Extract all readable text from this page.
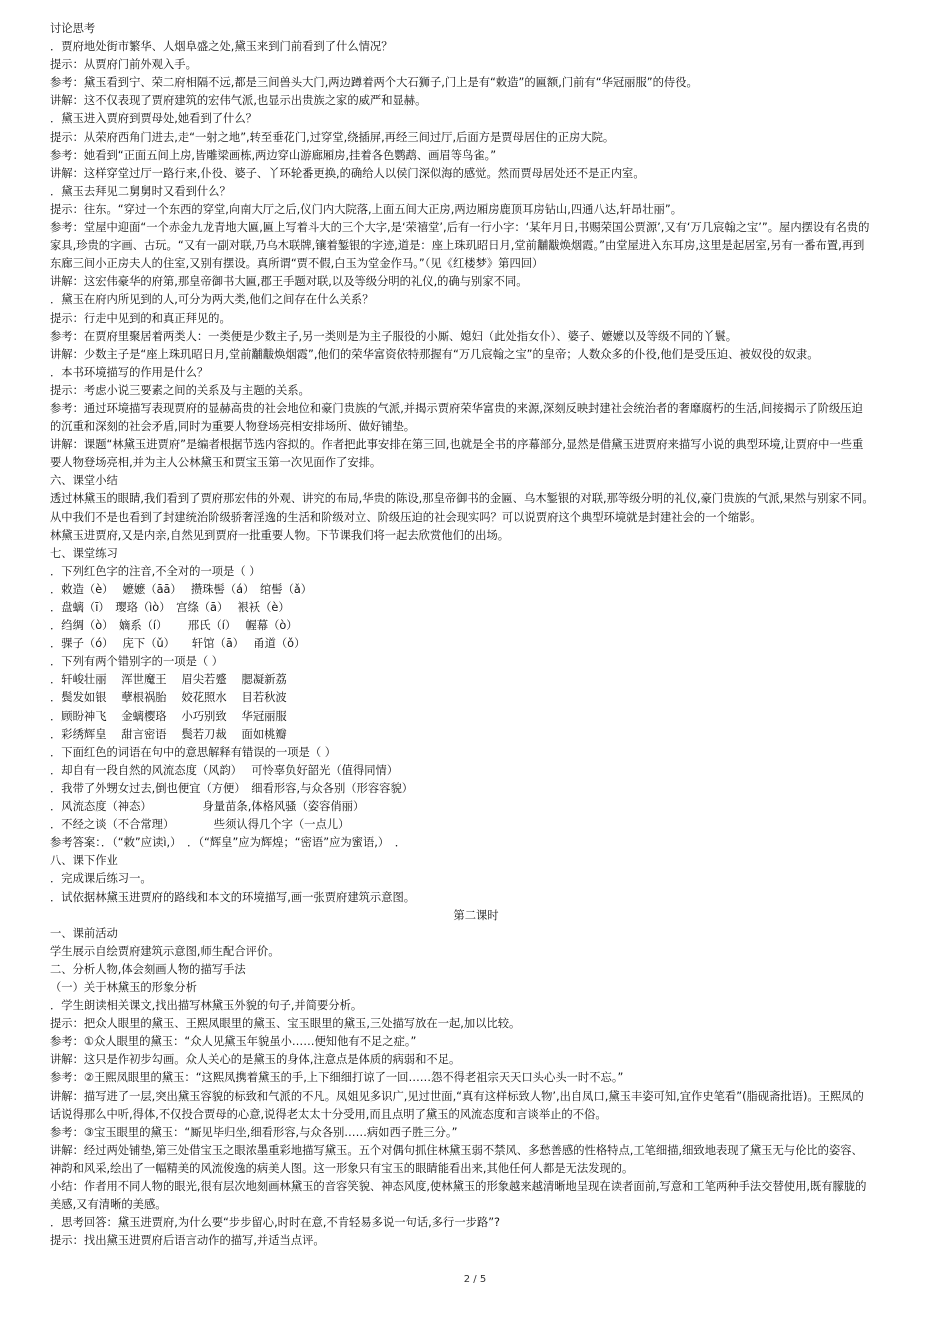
讨论思考
．贾府地处街市繁华、人烟阜盛之处,黛玉来到门前看到了什么情况？
提示：从贾府门前外观入手。
参考：黛玉看到宁、荣二府相隔不远,都是三间兽头大门,两边蹲着两个大石狮子,门上是有“敕造”的匾额,门前有“华冠丽服”的侍役。
讲解：这不仅表现了贾府建筑的宏伟气派,也显示出贵族之家的威严和显赫。
．黛玉进入贾府到贾母处,她看到了什么？
提示：从荣府西角门进去,走“一射之地”,转至垂花门,过穿堂,绕插屏,再经三间过厅,后面方是贾母居住的正房大院。
参考：她看到“正面五间上房,皆雕梁画栋,两边穿山游廊厢房,挂着各色鹦鹉、画眉等鸟雀。”
讲解：这样穿堂过厅一路行来,仆役、婆子、丫环轮番更换,的确给人以侯门深似海的感觉。然而贾母居处还不是正内室。
．黛玉去拜见二舅舅时又看到什么？
提示：往东。“穿过一个东西的穿堂,向南大厅之后,仪门内大院落,上面五间大正房,两边厢房鹿顶耳房钻山,四通八达,轩昂壮丽”。
参考：堂屋中迎面“一个赤金九龙青地大匾,匾上写着斗大的三个大字,是‘荣禧堂’,后有一行小字：‘某年月日,书赐荣国公贾源’,又有‘万几宸翰之宝’”。屋内摆设有名贵的
家具,珍贵的字画、古玩。“又有一副对联,乃乌木联牌,镶着錾银的字迹,道是：座上珠玑昭日月,堂前黼黻焕烟霞。”由堂屋进入东耳房,这里是起居室,另有一番布置,再到
东廊三间小正房夫人的住室,又别有摆设。真所谓“贾不假,白玉为堂金作马。”（见《红楼梦》第四回）
讲解：这宏伟豪华的府第,那皇帝御书大匾,郡王手题对联,以及等级分明的礼仪,的确与别家不同。
．黛玉在府内所见到的人,可分为两大类,他们之间存在什么关系？
提示：行走中见到的和真正拜见的。
参考：在贾府里聚居着两类人：一类便是少数主子,另一类则是为主子服役的小厮、媳妇（此处指女仆）、婆子、嬷嬷以及等级不同的丫鬟。
讲解：少数主子是“座上珠玑昭日月,堂前黼黻焕烟霞”,他们的荣华富资依特那握有“万几宸翰之宝”的皇帝；人数众多的仆役,他们是受压迫、被奴役的奴隶。
．本书环境描写的作用是什么？
提示：考虑小说三要素之间的关系及与主题的关系。
参考：通过环境描写表现贾府的显赫高贵的社会地位和豪门贵族的气派,并揭示贾府荣华富贵的来源,深刻反映封建社会统治者的奢靡腐朽的生活,间接揭示了阶级压迫
的沉重和深刻的社会矛盾,同时为重要人物登场亮相安排场所、做好铺垫。
讲解：课题“林黛玉进贾府”是编者根据节选内容拟的。作者把此事安排在第三回,也就是全书的序幕部分,显然是借黛玉进贾府来描写小说的典型环境,让贾府中一些重
要人物登场亮相,并为主人公林黛玉和贾宝玉第一次见面作了安排。
六、课堂小结
透过林黛玉的眼睛,我们看到了贾府那宏伟的外观、讲究的布局,华贵的陈设,那皇帝御书的金匾、乌木錾银的对联,那等级分明的礼仪,豪门贵族的气派,果然与别家不同。
从中我们不是也看到了封建统治阶级骄奢淫逸的生活和阶级对立、阶级压迫的社会现实吗？可以说贾府这个典型环境就是封建社会的一个缩影。
林黛玉进贾府,又是内亲,自然见到贾府一批重要人物。下节课我们将一起去欣赏他们的出场。
七、课堂练习
．下列红色字的注音,不全对的一项是（ ）
．敕造（è）　 嬷嬷（āā）　 攒珠髻（á）　绾髻（ǎ）
．盘螭（ī）　璎珞（ìò）　宫绦（ā）　 裉袄（è）
．绉绸（ò）　嫡系（í）　　 邢氏（í）　 幄幕（ò）
．骒子（ó）　 庑下（ǔ）　　轩馆（ā）　 甬道（ǒ）
．下列有两个错别字的一项是（ ）
．轩峻壮丽　 浑世魔王　 眉尖若蹙　 腮凝新荔
．鬓发如银　 孽根祸胎　 姣花照水　 目若秋波
．顾盼神飞　 金螭樱珞　 小巧别致　 华冠丽服
．彩绣辉皇　 甜言密语　 鬓若刀裁　 面如桃瓣
．下面红色的词语在句中的意思解释有错误的一项是（ ）
．却自有一段自然的风流态度（风韵）　 可怜辜负好韶光（值得同情）
．我带了外甥女过去,倒也便宜（方便）　细看形容,与众各别（形容容貌）
．风流态度（神态）　　　　　身量苗条,体格风骚（姿容俏丽）
．不经之谈（不合常理）　　　　些须认得几个字（一点儿）
参考答案：．（“敕”应读ì,）　．（“辉皇”应为辉煌；“密语”应为蜜语,）　．
八、课下作业
．完成课后练习一。
．试依据林黛玉进贾府的路线和本文的环境描写,画一张贾府建筑示意图。
第二课时
一、课前活动
学生展示自绘贾府建筑示意图,师生配合评价。
二、分析人物,体会刻画人物的描写手法
（一）关于林黛玉的形象分析
．学生朗读相关课文,找出描写林黛玉外貌的句子,并简要分析。
提示：把众人眼里的黛玉、王熙凤眼里的黛玉、宝玉眼里的黛玉,三处描写放在一起,加以比较。
参考：①众人眼里的黛玉：“众人见黛玉年貌虽小……便知他有不足之症。”
讲解：这只是作初步勾画。众人关心的是黛玉的身体,注意点是体质的病弱和不足。
参考：②王熙凤眼里的黛玉：“这熙凤携着黛玉的手,上下细细打谅了一回……怨不得老祖宗天天口头心头一时不忘。”
讲解：描写进了一层,突出黛玉容貌的标致和气派的不凡。凤姐见多识广,见过世面,“真有这样标致人物’,出自凤口,黛玉丰姿可知,宜作史笔看”(脂砚斋批语)。王熙凤的
话说得那么中听,得体,不仅投合贾母的心意,说得老太太十分受用,而且点明了黛玉的风流态度和言谈举止的不俗。
参考：③宝玉眼里的黛玉：“厮见毕归坐,细看形容,与众各别……病如西子胜三分。”
讲解：经过两处铺垫,第三处借宝玉之眼浓墨重彩地描写黛玉。五个对偶句抓住林黛玉弱不禁风、多愁善感的性格特点,工笔细描,细致地表现了黛玉无与伦比的姿容、
神韵和风采,绘出了一幅精美的风流俊逸的病美人图。这一形象只有宝玉的眼睛能看出来,其他任何人都是无法发现的。
小结：作者用不同人物的眼光,很有层次地刻画林黛玉的音容笑貌、神态风度,使林黛玉的形象越来越清晰地呈现在读者面前,写意和工笔两种手法交替使用,既有朦胧的
美感,又有清晰的美感。
．思考回答：黛玉进贾府,为什么要“步步留心,时时在意,不肯轻易多说一句话,多行一步路”?
提示：找出黛玉进贾府后语言动作的描写,并适当点评。
2 / 5
